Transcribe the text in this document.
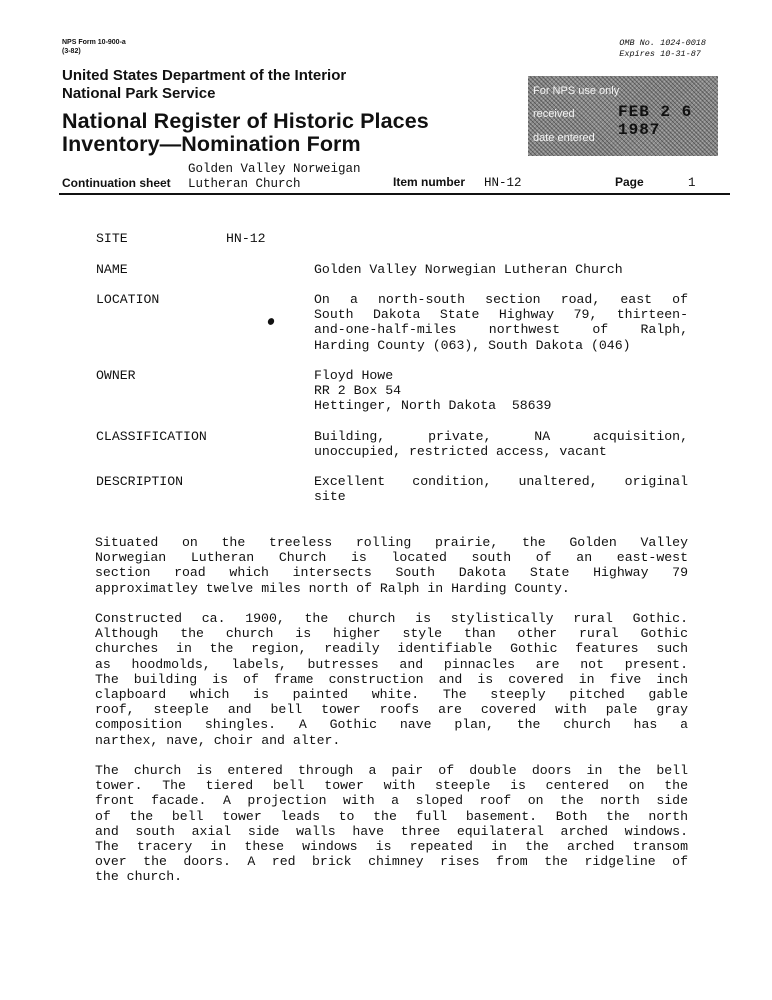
NPS Form 10-900-a
(3-82)
OMB No. 1024-0018
Expires 10-31-87
United States Department of the Interior
National Park Service
National Register of Historic Places
Inventory—Nomination Form
For NPS use only
received	FEB 2 6 1987
date entered
Golden Valley Norweigan
Lutheran Church
Continuation sheet	Item number HN-12	Page	1
SITE	HN-12
NAME	Golden Valley Norwegian Lutheran Church
LOCATION	On a north-south section road, east of
South Dakota State Highway 79, thirteen-
and-one-half-miles northwest of Ralph,
Harding County (063), South Dakota (046)
OWNER	Floyd Howe
RR 2 Box 54
Hettinger, North Dakota  58639
CLASSIFICATION	Building, private, NA acquisition,
unoccupied, restricted access, vacant
DESCRIPTION	Excellent condition, unaltered, original
site
Situated on the treeless rolling prairie, the Golden Valley
Norwegian Lutheran Church is located south of an east-west
section road which intersects South Dakota State Highway 79
approximatley twelve miles north of Ralph in Harding County.
Constructed ca. 1900, the church is stylistically rural Gothic.
Although the church is higher style than other rural Gothic
churches in the region, readily identifiable Gothic features such
as hoodmolds, labels, butresses and pinnacles are not present.
The building is of frame construction and is covered in five inch
clapboard which is painted white. The steeply pitched gable
roof, steeple and bell tower roofs are covered with pale gray
composition shingles. A Gothic nave plan, the church has a
narthex, nave, choir and alter.
The church is entered through a pair of double doors in the bell
tower. The tiered bell tower with steeple is centered on the
front facade. A projection with a sloped roof on the north side
of the bell tower leads to the full basement. Both the north
and south axial side walls have three equilateral arched windows.
The tracery in these windows is repeated in the arched transom
over the doors. A red brick chimney rises from the ridgeline of
the church.
